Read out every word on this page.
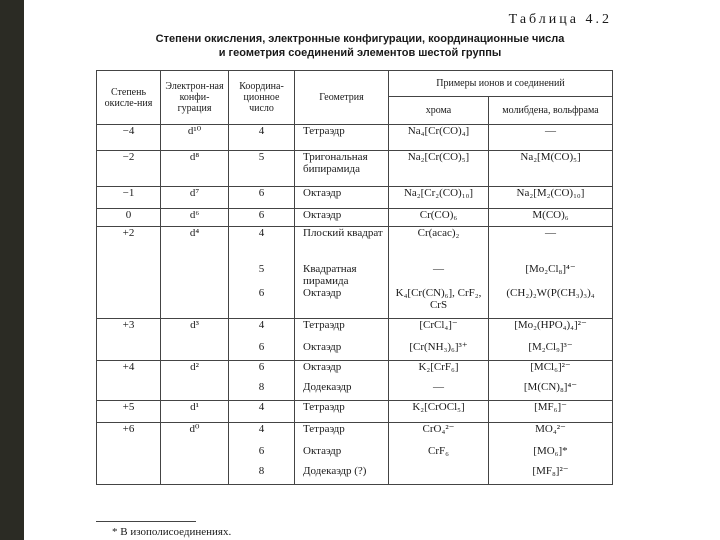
Таблица 4.2
Степени окисления, электронные конфигурации, координационные числа
и геометрия соединений элементов шестой группы
Степень окисле-ния	Электрон-ная конфи-гурация	Координа-ционное число	Геометрия	Примеры ионов и соединений	
				хрома	молибдена, вольфрама
−4	d¹⁰	4	Тетраэдр	Na₄[Cr(CO)₄]	—
−2	d⁸	5	Тригональная бипирамида	Na₂[Cr(CO)₅]	Na₂[M(CO)₅]
−1	d⁷	6	Октаэдр	Na₂[Cr₂(CO)₁₀]	Na₂[M₂(CO)₁₀]
0	d⁶	6	Октаэдр	Cr(CO)₆	M(CO)₆
+2	d⁴	4	Плоский квадрат	Cr(acac)₂	—
		5	Квадратная пирамида	—	[Mo₂Cl₈]⁴⁻
		6	Октаэдр	K₄[Cr(CN)₆], CrF₂, CrS	(CH₂)₂W(P(CH₃)₃)₄
+3	d³	4	Тетраэдр	[CrCl₄]⁻	[Mo₂(HPO₄)₄]²⁻
		6	Октаэдр	[Cr(NH₃)₆]³⁺	[M₂Cl₉]³⁻
+4	d²	6	Октаэдр	K₂[CrF₆]	[MCl₆]²⁻
		8	Додекаэдр	—	[M(CN)₈]⁴⁻
+5	d¹	4	Тетраэдр	K₂[CrOCl₅]	[MF₆]⁻
+6	d⁰	4	Тетраэдр	CrO₄²⁻	MO₄²⁻
		6	Октаэдр	CrF₆	[MO₆]*
		8	Додекаэдр (?)		[MF₈]²⁻
* В изополисоединениях.
